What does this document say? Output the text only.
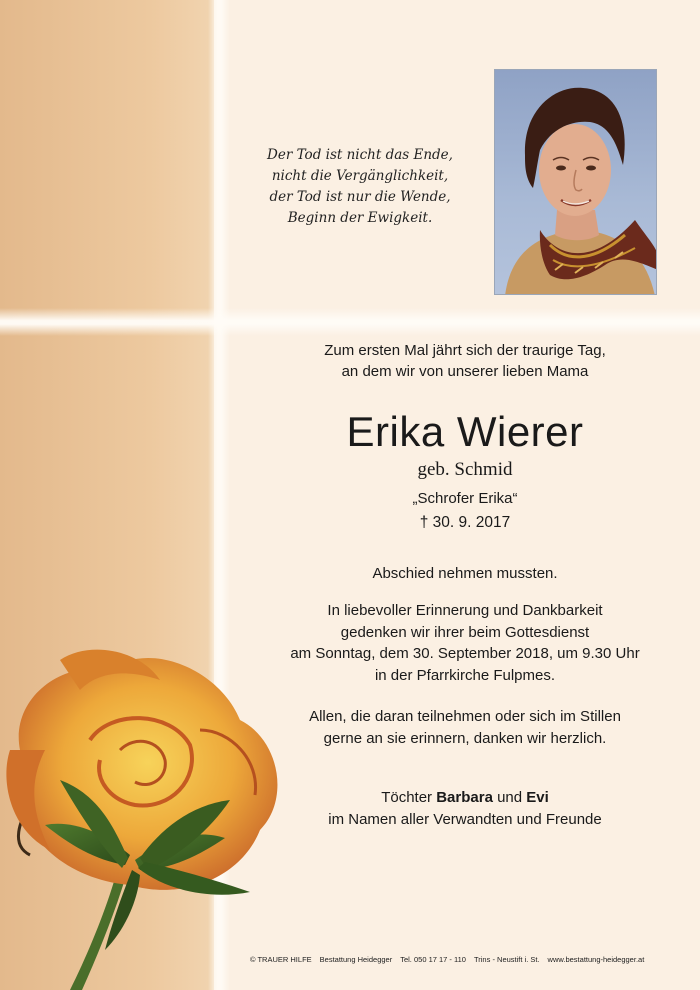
Der Tod ist nicht das Ende,
nicht die Vergänglichkeit,
der Tod ist nur die Wende,
Beginn der Ewigkeit.
Zum ersten Mal jährt sich der traurige Tag,
an dem wir von unserer lieben Mama
Erika Wierer
geb. Schmid
„Schrofer Erika“
† 30. 9. 2017
Abschied nehmen mussten.
In liebevoller Erinnerung und Dankbarkeit
gedenken wir ihrer beim Gottesdienst
am Sonntag, dem 30. September 2018, um 9.30 Uhr
in der Pfarrkirche Fulpmes.
Allen, die daran teilnehmen oder sich im Stillen
gerne an sie erinnern, danken wir herzlich.
Töchter Barbara und Evi
im Namen aller Verwandten und Freunde
© TRAUER HILFE Bestattung Heidegger Tel. 050 17 17 - 110 Trins - Neustift i. St. www.bestattung-heidegger.at
